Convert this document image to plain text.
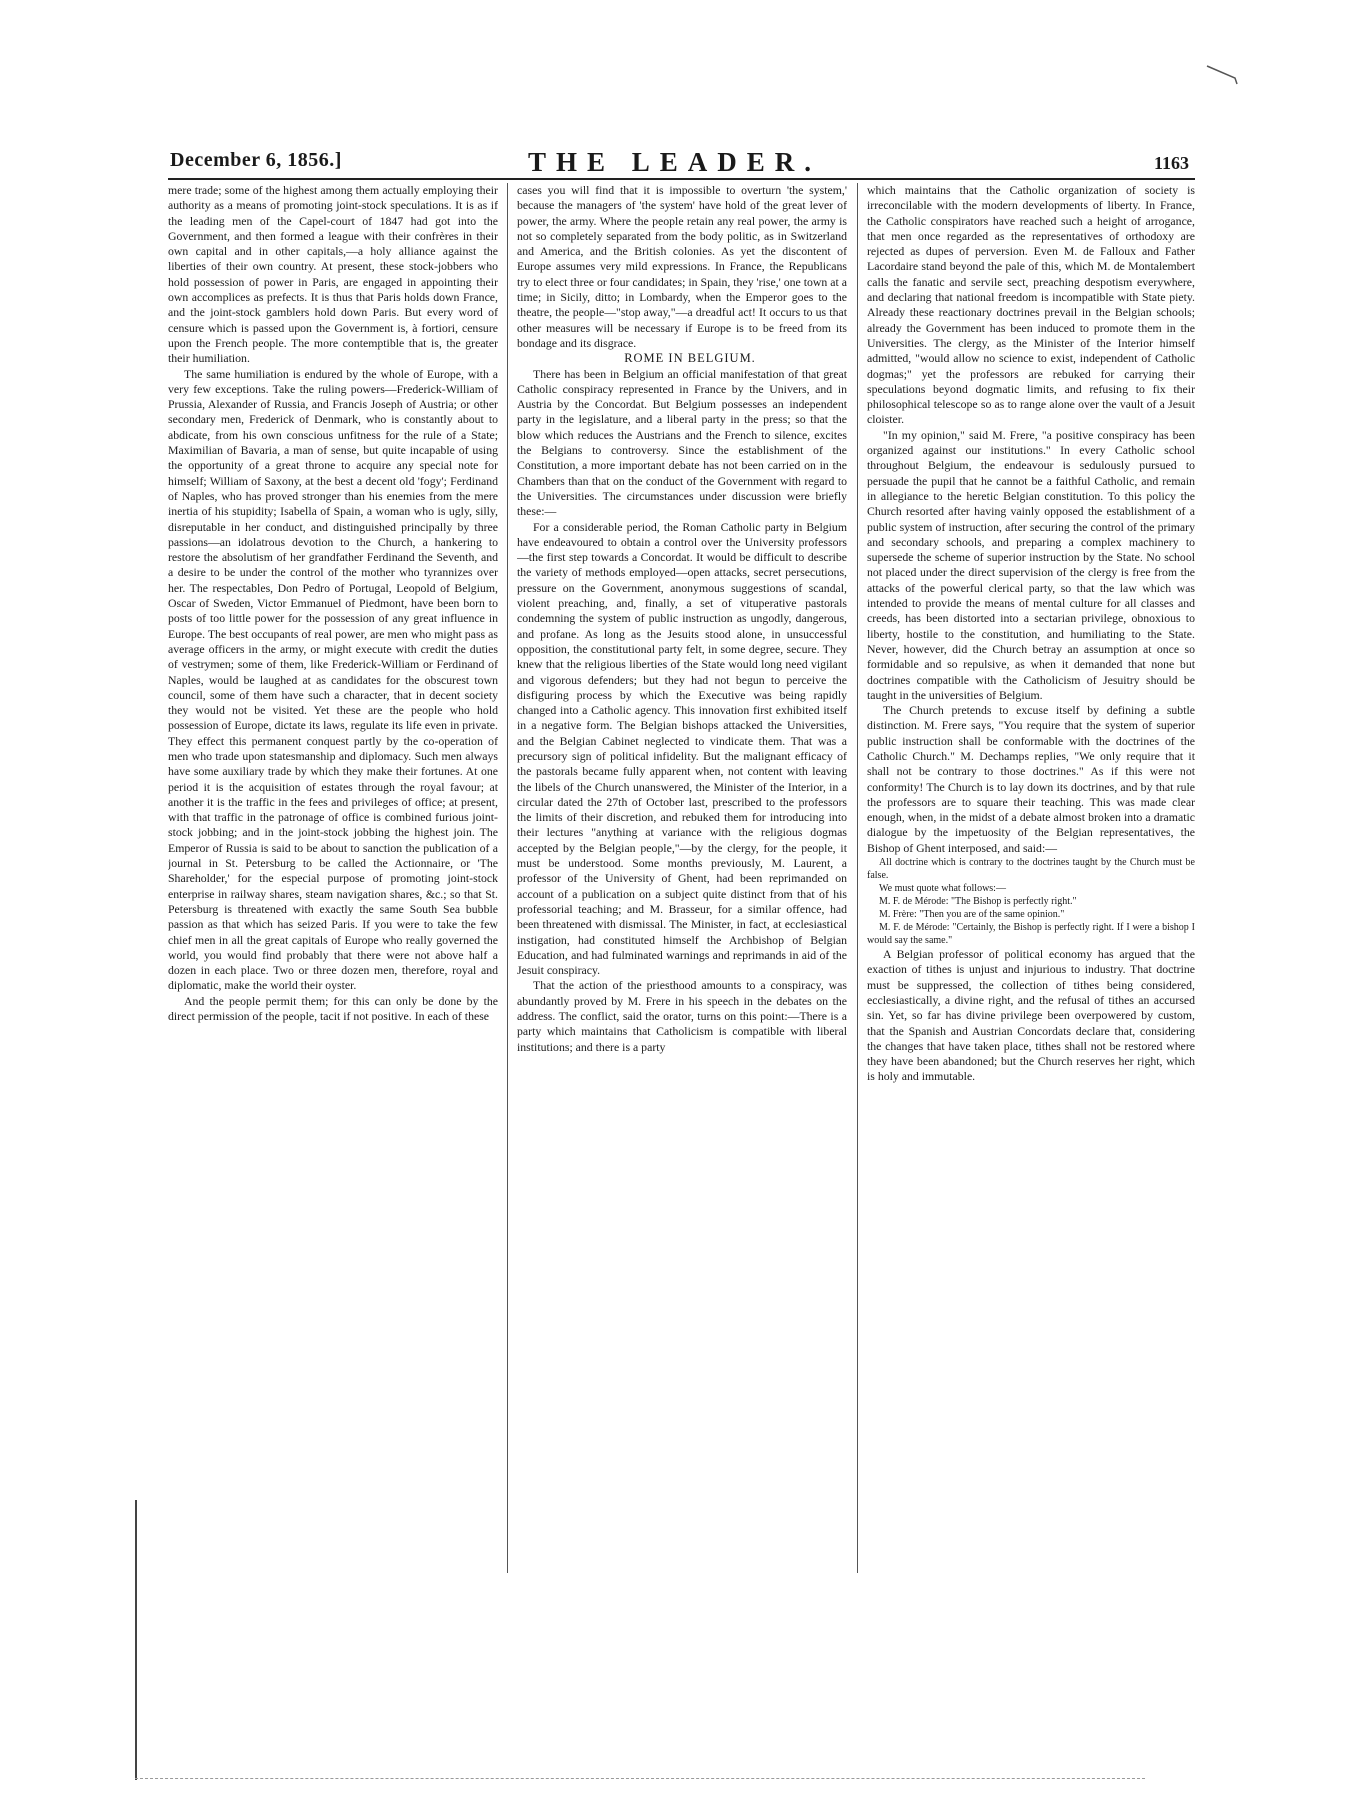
December 6, 1856.]	THE LEADER.	1163

mere trade; some of the highest among them actually employing their authority as a means of promoting joint-stock speculations. It is as if the leading men of the Capel-court of 1847 had got into the Government, and then formed a league with their confrères in their own capital and in other capitals,—a holy alliance against the liberties of their own country. At present, these stock-jobbers who hold possession of power in Paris, are engaged in appointing their own accomplices as prefects. It is thus that Paris holds down France, and the joint-stock gamblers hold down Paris. But every word of censure which is passed upon the Government is, à fortiori, censure upon the French people. The more contemptible that is, the greater their humiliation.

The same humiliation is endured by the whole of Europe, with a very few exceptions. Take the ruling powers—Frederick-William of Prussia, Alexander of Russia, and Francis Joseph of Austria; or other secondary men, Frederick of Denmark, who is constantly about to abdicate, from his own conscious unfitness for the rule of a State; Maximilian of Bavaria, a man of sense, but quite incapable of using the opportunity of a great throne to acquire any special note for himself; William of Saxony, at the best a decent old 'fogy'; Ferdinand of Naples, who has proved stronger than his enemies from the mere inertia of his stupidity; Isabella of Spain, a woman who is ugly, silly, disreputable in her conduct, and distinguished principally by three passions—an idolatrous devotion to the Church, a hankering to restore the absolutism of her grandfather Ferdinand the Seventh, and a desire to be under the control of the mother who tyrannizes over her. The respectables, Don Pedro of Portugal, Leopold of Belgium, Oscar of Sweden, Victor Emmanuel of Piedmont, have been born to posts of too little power for the possession of any great influence in Europe. The best occupants of real power, are men who might pass as average officers in the army, or might execute with credit the duties of vestrymen; some of them, like Frederick-William or Ferdinand of Naples, would be laughed at as candidates for the obscurest town council, some of them have such a character, that in decent society they would not be visited. Yet these are the people who hold possession of Europe, dictate its laws, regulate its life even in private. They effect this permanent conquest partly by the co-operation of men who trade upon statesmanship and diplomacy. Such men always have some auxiliary trade by which they make their fortunes. At one period it is the acquisition of estates through the royal favour; at another it is the traffic in the fees and privileges of office; at present, with that traffic in the patronage of office is combined furious joint-stock jobbing; and in the joint-stock jobbing the highest join. The Emperor of Russia is said to be about to sanction the publication of a journal in St. Petersburg to be called the Actionnaire, or 'The Shareholder,' for the especial purpose of promoting joint-stock enterprise in railway shares, steam navigation shares, &c.; so that St. Petersburg is threatened with exactly the same South Sea bubble passion as that which has seized Paris. If you were to take the few chief men in all the great capitals of Europe who really governed the world, you would find probably that there were not above half a dozen in each place. Two or three dozen men, therefore, royal and diplomatic, make the world their oyster.

And the people permit them; for this can only be done by the direct permission of the people, tacit if not positive. In each of these

cases you will find that it is impossible to overturn 'the system,' because the managers of 'the system' have hold of the great lever of power, the army. Where the people retain any real power, the army is not so completely separated from the body politic, as in Switzerland and America, and the British colonies. As yet the discontent of Europe assumes very mild expressions. In France, the Republicans try to elect three or four candidates; in Spain, they 'rise,' one town at a time; in Sicily, ditto; in Lombardy, when the Emperor goes to the theatre, the people—"stop away,"—a dreadful act! It occurs to us that other measures will be necessary if Europe is to be freed from its bondage and its disgrace.

ROME IN BELGIUM.

There has been in Belgium an official manifestation of that great Catholic conspiracy represented in France by the Univers, and in Austria by the Concordat. But Belgium possesses an independent party in the legislature, and a liberal party in the press; so that the blow which reduces the Austrians and the French to silence, excites the Belgians to controversy. Since the establishment of the Constitution, a more important debate has not been carried on in the Chambers than that on the conduct of the Government with regard to the Universities. The circumstances under discussion were briefly these:—

For a considerable period, the Roman Catholic party in Belgium have endeavoured to obtain a control over the University professors—the first step towards a Concordat. It would be difficult to describe the variety of methods employed—open attacks, secret persecutions, pressure on the Government, anonymous suggestions of scandal, violent preaching, and, finally, a set of vituperative pastorals condemning the system of public instruction as ungodly, dangerous, and profane. As long as the Jesuits stood alone, in unsuccessful opposition, the constitutional party felt, in some degree, secure. They knew that the religious liberties of the State would long need vigilant and vigorous defenders; but they had not begun to perceive the disfiguring process by which the Executive was being rapidly changed into a Catholic agency. This innovation first exhibited itself in a negative form. The Belgian bishops attacked the Universities, and the Belgian Cabinet neglected to vindicate them. That was a precursory sign of political infidelity. But the malignant efficacy of the pastorals became fully apparent when, not content with leaving the libels of the Church unanswered, the Minister of the Interior, in a circular dated the 27th of October last, prescribed to the professors the limits of their discretion, and rebuked them for introducing into their lectures "anything at variance with the religious dogmas accepted by the Belgian people,"—by the clergy, for the people, it must be understood. Some months previously, M. Laurent, a professor of the University of Ghent, had been reprimanded on account of a publication on a subject quite distinct from that of his professorial teaching; and M. Brasseur, for a similar offence, had been threatened with dismissal. The Minister, in fact, at ecclesiastical instigation, had constituted himself the Archbishop of Belgian Education, and had fulminated warnings and reprimands in aid of the Jesuit conspiracy.

That the action of the priesthood amounts to a conspiracy, was abundantly proved by M. Frere in his speech in the debates on the address. The conflict, said the orator, turns on this point:—There is a party which maintains that Catholicism is compatible with liberal institutions; and there is a party

which maintains that the Catholic organization of society is irreconcilable with the modern developments of liberty. In France, the Catholic conspirators have reached such a height of arrogance, that men once regarded as the representatives of orthodoxy are rejected as dupes of perversion. Even M. de Falloux and Father Lacordaire stand beyond the pale of this, which M. de Montalembert calls the fanatic and servile sect, preaching despotism everywhere, and declaring that national freedom is incompatible with State piety. Already these reactionary doctrines prevail in the Belgian schools; already the Government has been induced to promote them in the Universities. The clergy, as the Minister of the Interior himself admitted, "would allow no science to exist, independent of Catholic dogmas;" yet the professors are rebuked for carrying their speculations beyond dogmatic limits, and refusing to fix their philosophical telescope so as to range alone over the vault of a Jesuit cloister.

"In my opinion," said M. Frere, "a positive conspiracy has been organized against our institutions." In every Catholic school throughout Belgium, the endeavour is sedulously pursued to persuade the pupil that he cannot be a faithful Catholic, and remain in allegiance to the heretic Belgian constitution. To this policy the Church resorted after having vainly opposed the establishment of a public system of instruction, after securing the control of the primary and secondary schools, and preparing a complex machinery to supersede the scheme of superior instruction by the State. No school not placed under the direct supervision of the clergy is free from the attacks of the powerful clerical party, so that the law which was intended to provide the means of mental culture for all classes and creeds, has been distorted into a sectarian privilege, obnoxious to liberty, hostile to the constitution, and humiliating to the State. Never, however, did the Church betray an assumption at once so formidable and so repulsive, as when it demanded that none but doctrines compatible with the Catholicism of Jesuitry should be taught in the universities of Belgium.

The Church pretends to excuse itself by defining a subtle distinction. M. Frere says, "You require that the system of superior public instruction shall be conformable with the doctrines of the Catholic Church." M. Dechamps replies, "We only require that it shall not be contrary to those doctrines." As if this were not conformity! The Church is to lay down its doctrines, and by that rule the professors are to square their teaching. This was made clear enough, when, in the midst of a debate almost broken into a dramatic dialogue by the impetuosity of the Belgian representatives, the Bishop of Ghent interposed, and said:—

All doctrine which is contrary to the doctrines taught by the Church must be false.

We must quote what follows:—

M. F. de Mérode: "The Bishop is perfectly right."

M. Frère: "Then you are of the same opinion."

M. F. de Mérode: "Certainly, the Bishop is perfectly right. If I were a bishop I would say the same."

A Belgian professor of political economy has argued that the exaction of tithes is unjust and injurious to industry. That doctrine must be suppressed, the collection of tithes being considered, ecclesiastically, a divine right, and the refusal of tithes an accursed sin. Yet, so far has divine privilege been overpowered by custom, that the Spanish and Austrian Concordats declare that, considering the changes that have taken place, tithes shall not be restored where they have been abandoned; but the Church reserves her right, which is holy and immutable.
